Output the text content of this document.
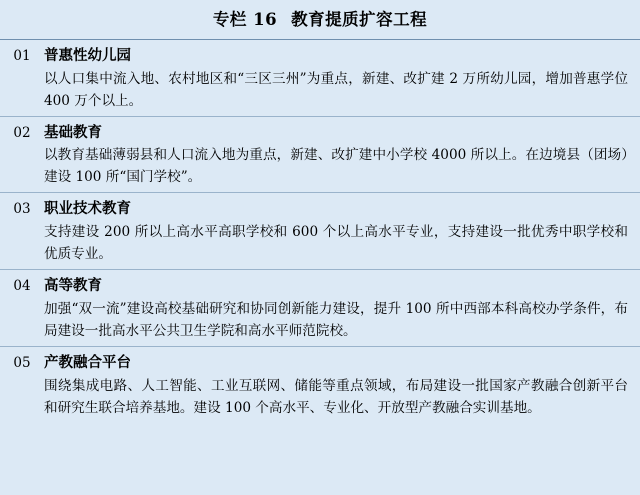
专栏 16 教育提质扩容工程
01 普惠性幼儿园
以人口集中流入地、农村地区和“三区三州”为重点，新建、改扩建 2 万所幼儿园，增加普惠学位 400 万个以上。
02 基础教育
以教育基础薄弱县和人口流入地为重点，新建、改扩建中小学校 4000 所以上。在边境县（团场）建设 100 所“国门学校”。
03 职业技术教育
支持建设 200 所以上高水平高职学校和 600 个以上高水平专业，支持建设一批优秀中职学校和优质专业。
04 高等教育
加强“双一流”建设高校基础研究和协同创新能力建设，提升 100 所中西部本科高校办学条件，布局建设一批高水平公共卫生学院和高水平师范院校。
05 产教融合平台
围绕集成电路、人工智能、工业互联网、储能等重点领域，布局建设一批国家产教融合创新平台和研究生联合培养基地。建设 100 个高水平、专业化、开放型产教融合实训基地。
